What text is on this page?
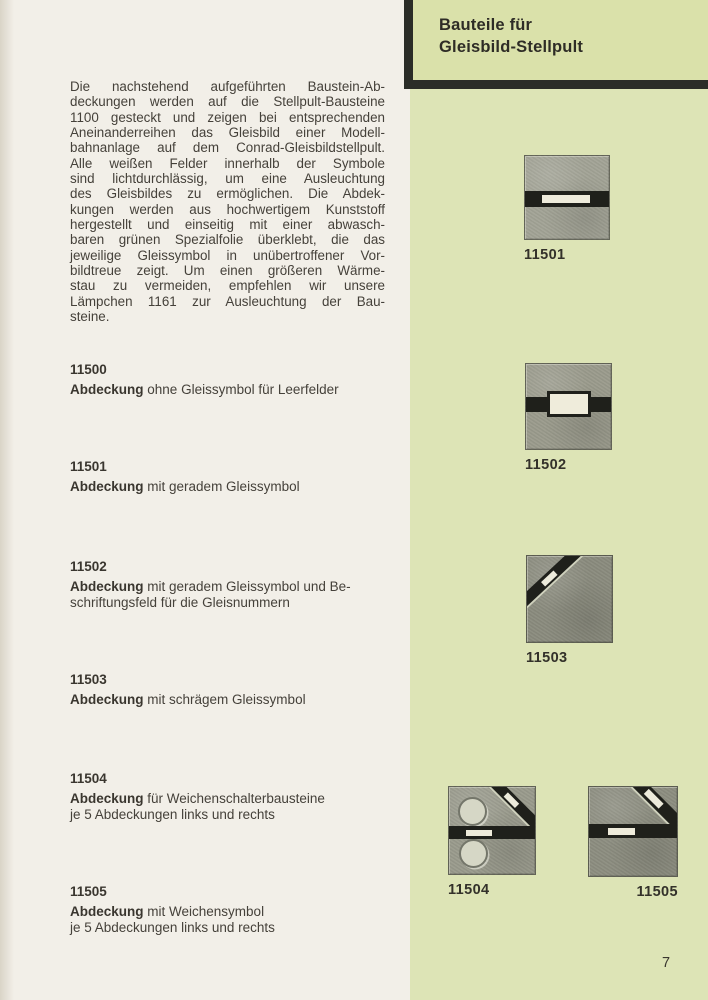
Bauteile für
Gleisbild-Stellpult
Die nachstehend aufgeführten Baustein-Ab-
deckungen werden auf die Stellpult-Bausteine
1100 gesteckt und zeigen bei entsprechenden
Aneinanderreihen das Gleisbild einer Modell-
bahnanlage auf dem Conrad-Gleisbildstellpult.
Alle weißen Felder innerhalb der Symbole
sind lichtdurchlässig, um eine Ausleuchtung
des Gleisbildes zu ermöglichen. Die Abdek-
kungen werden aus hochwertigem Kunststoff
hergestellt und einseitig mit einer abwasch-
baren grünen Spezialfolie überklebt, die das
jeweilige Gleissymbol in unübertroffener Vor-
bildtreue zeigt. Um einen größeren Wärme-
stau zu vermeiden, empfehlen wir unsere
Lämpchen 1161 zur Ausleuchtung der Bau-
steine.
11500
Abdeckung ohne Gleissymbol für Leerfelder
11501
Abdeckung mit geradem Gleissymbol
11502
Abdeckung mit geradem Gleissymbol und Be-
schriftungsfeld für die Gleisnummern
11503
Abdeckung mit schrägem Gleissymbol
11504
Abdeckung für Weichenschalterbausteine
je 5 Abdeckungen links und rechts
11505
Abdeckung mit Weichensymbol
je 5 Abdeckungen links und rechts
11501
11502
11503
11504	11505
7
